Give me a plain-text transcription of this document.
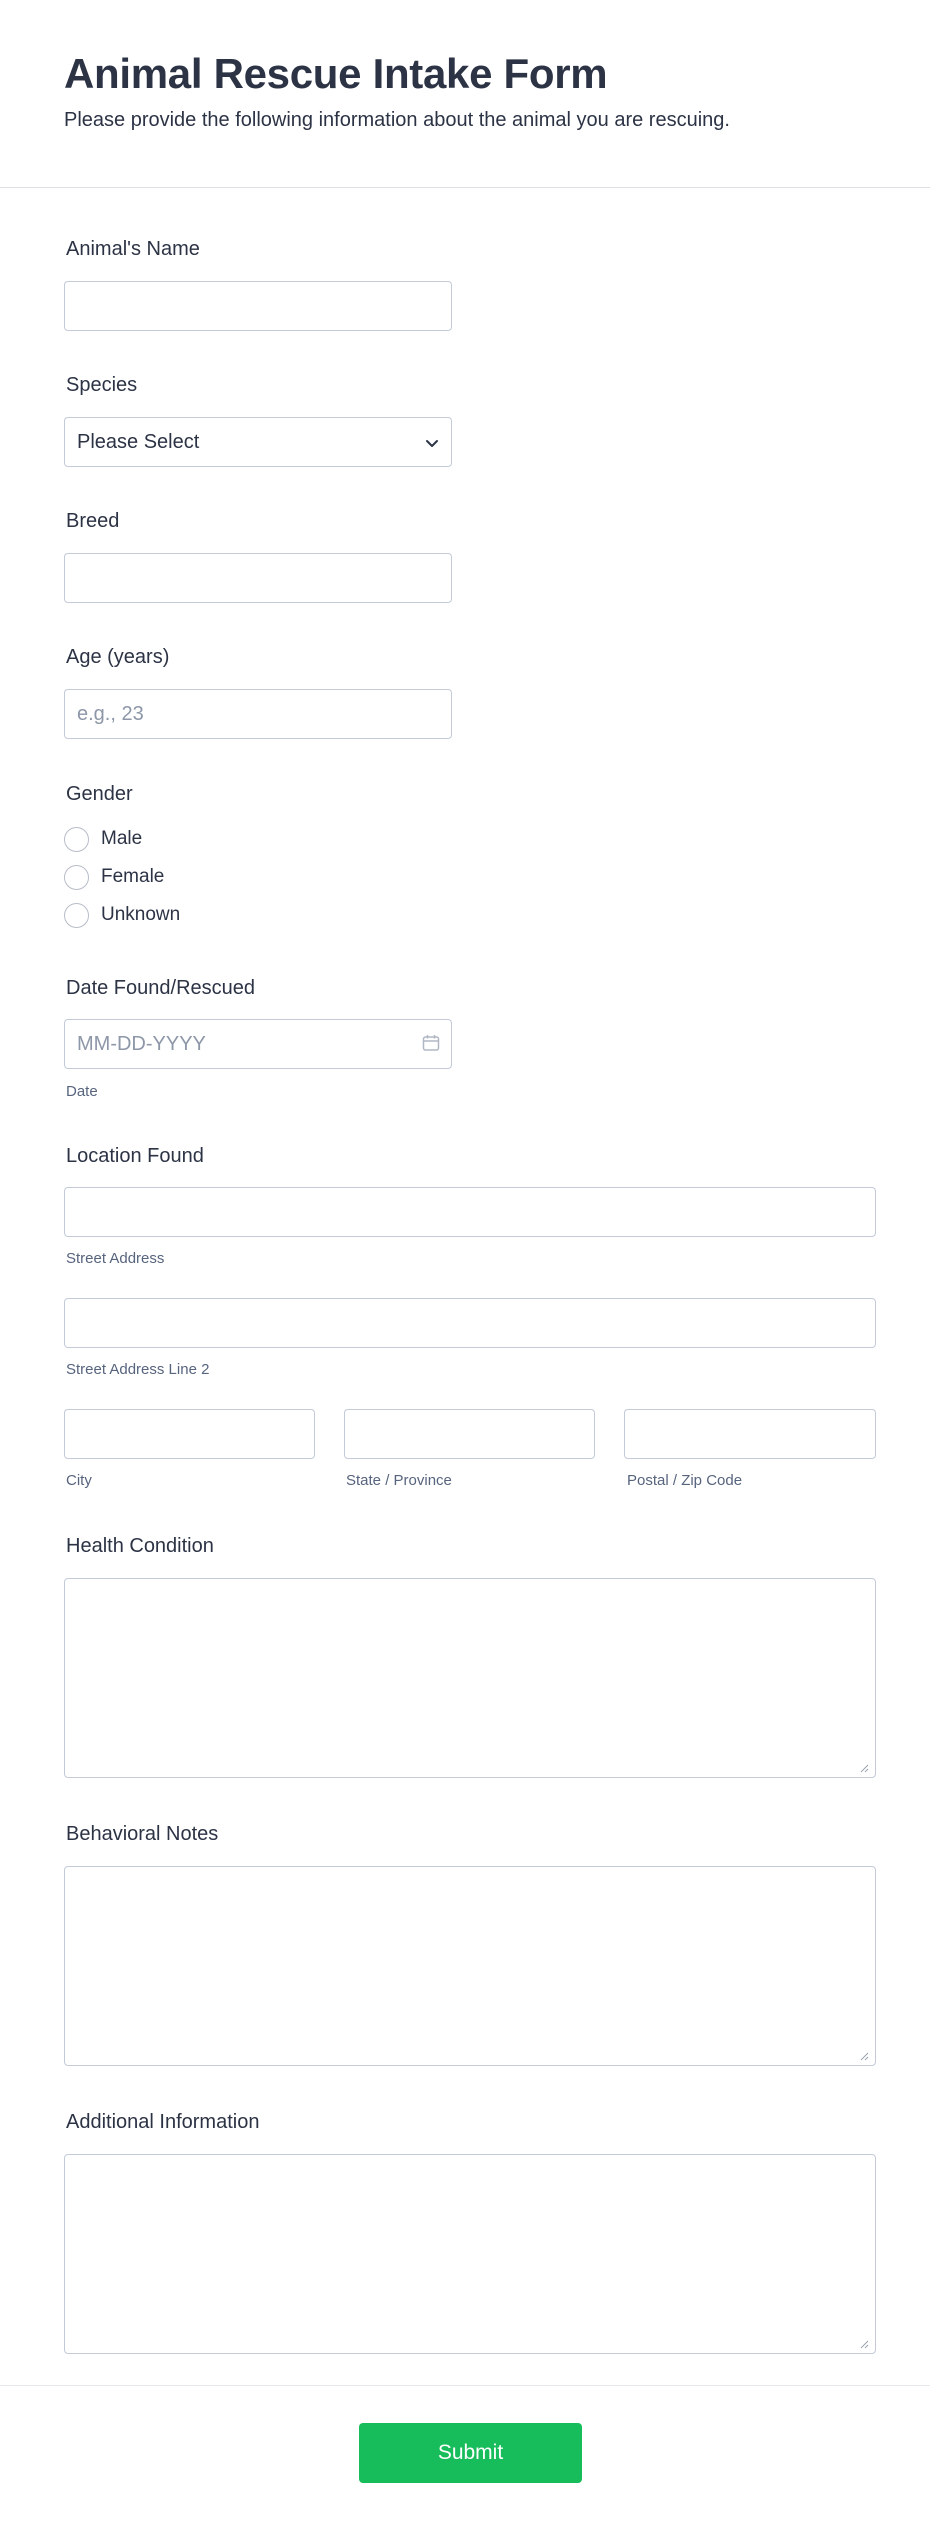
Animal Rescue Intake Form
Please provide the following information about the animal you are rescuing.
Animal's Name
Species
Please Select
Breed
Age (years)
e.g., 23
Gender
Male
Female
Unknown
Date Found/Rescued
MM-DD-YYYY
Date
Location Found
Street Address
Street Address Line 2
City	State / Province	Postal / Zip Code
Health Condition
Behavioral Notes
Additional Information
Submit
